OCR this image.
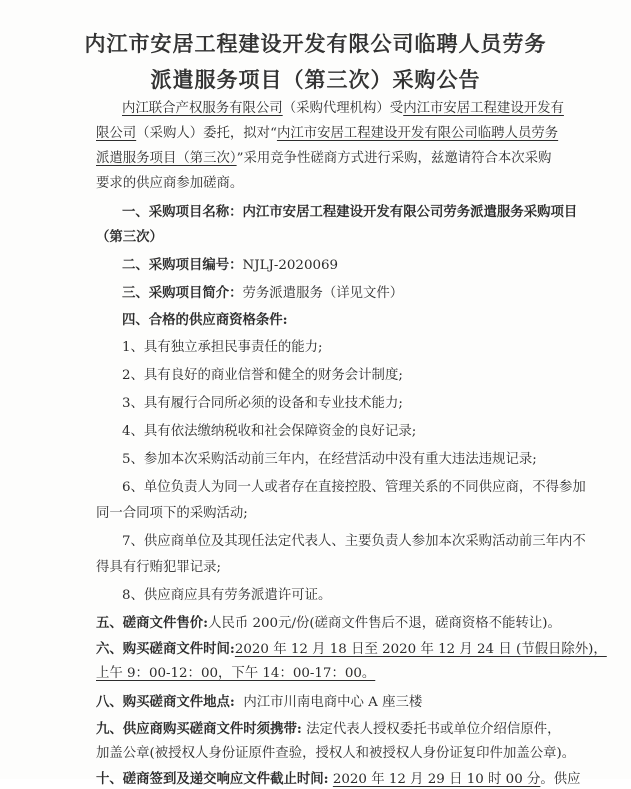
内江市安居工程建设开发有限公司临聘人员劳务
派遣服务项目（第三次）采购公告
内江联合产权服务有限公司（采购代理机构）受内江市安居工程建设开发有
限公司（采购人）委托，拟对“内江市安居工程建设开发有限公司临聘人员劳务
派遣服务项目（第三次）”采用竞争性磋商方式进行采购，兹邀请符合本次采购
要求的供应商参加磋商。
一、采购项目名称：内江市安居工程建设开发有限公司劳务派遣服务采购项目
（第三次）
二、采购项目编号：NJLJ-2020069
三、采购项目简介：劳务派遣服务（详见文件）
四、合格的供应商资格条件:
1、具有独立承担民事责任的能力;
2、具有良好的商业信誉和健全的财务会计制度;
3、具有履行合同所必须的设备和专业技术能力;
4、具有依法缴纳税收和社会保障资金的良好记录;
5、参加本次采购活动前三年内，在经营活动中没有重大违法违规记录;
6、单位负责人为同一人或者存在直接控股、管理关系的不同供应商，不得参加
同一合同项下的采购活动;
7、供应商单位及其现任法定代表人、主要负责人参加本次采购活动前三年内不
得具有行贿犯罪记录;
8、供应商应具有劳务派遣许可证。
五、磋商文件售价:人民币 200元/份(磋商文件售后不退，磋商资格不能转让)。
六、购买磋商文件时间:2020 年 12 月 18 日至 2020 年 12 月 24 日 (节假日除外)，
上午 9：00-12：00，下午 14：00-17：00。
八、购买磋商文件地点: 内江市川南电商中心 A 座三楼
九、供应商购买磋商文件时须携带: 法定代表人授权委托书或单位介绍信原件，
加盖公章(被授权人身份证原件查验，授权人和被授权人身份证复印件加盖公章)。
十、磋商签到及递交响应文件截止时间: 2020 年 12 月 29 日 10 时 00 分。供应
